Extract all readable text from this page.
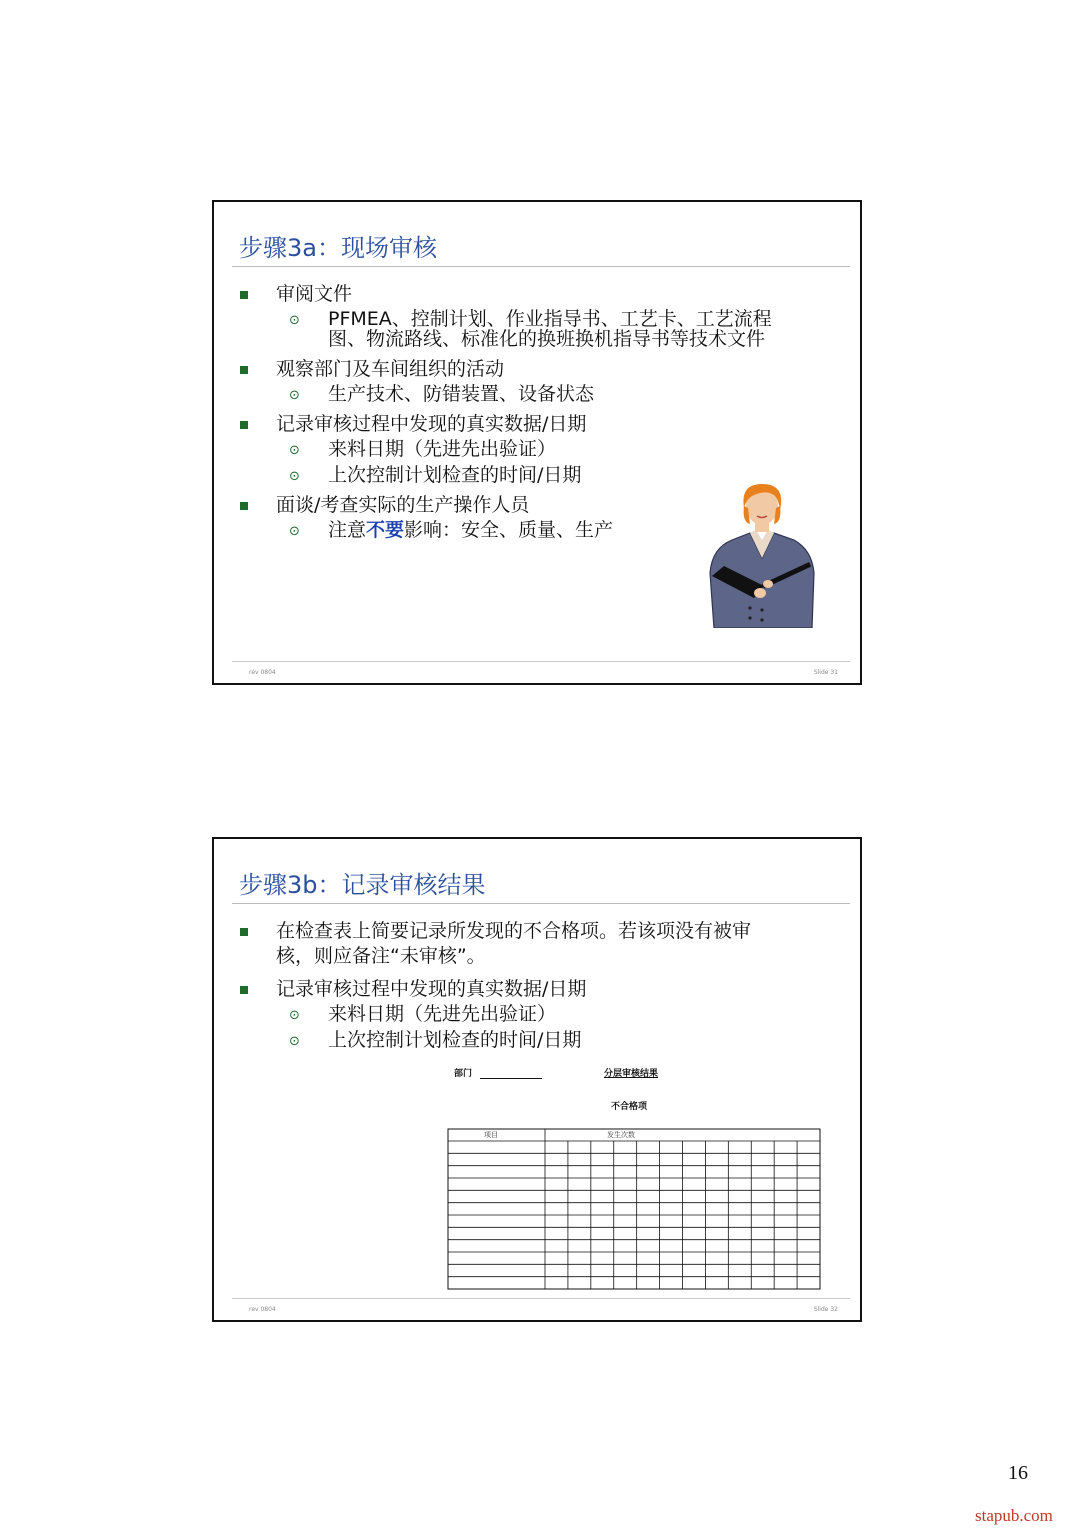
步骤3a：现场审核
审阅文件
⊙ PFMEA、控制计划、作业指导书、工艺卡、工艺流程
图、物流路线、标准化的换班换机指导书等技术文件
观察部门及车间组织的活动
⊙ 生产技术、防错装置、设备状态
记录审核过程中发现的真实数据/日期
⊙ 来料日期（先进先出验证）
⊙ 上次控制计划检查的时间/日期
面谈/考查实际的生产操作人员
⊙ 注意不要影响：安全、质量、生产
rev 0804	Slide 31
步骤3b：记录审核结果
在检查表上简要记录所发现的不合格项。若该项没有被审
核，则应备注“未审核”。
记录审核过程中发现的真实数据/日期
⊙ 来料日期（先进先出验证）
⊙ 上次控制计划检查的时间/日期
部门	分层审核结果
不合格项
项目	发生次数
rev 0804	Slide 32
16
stapub.com
